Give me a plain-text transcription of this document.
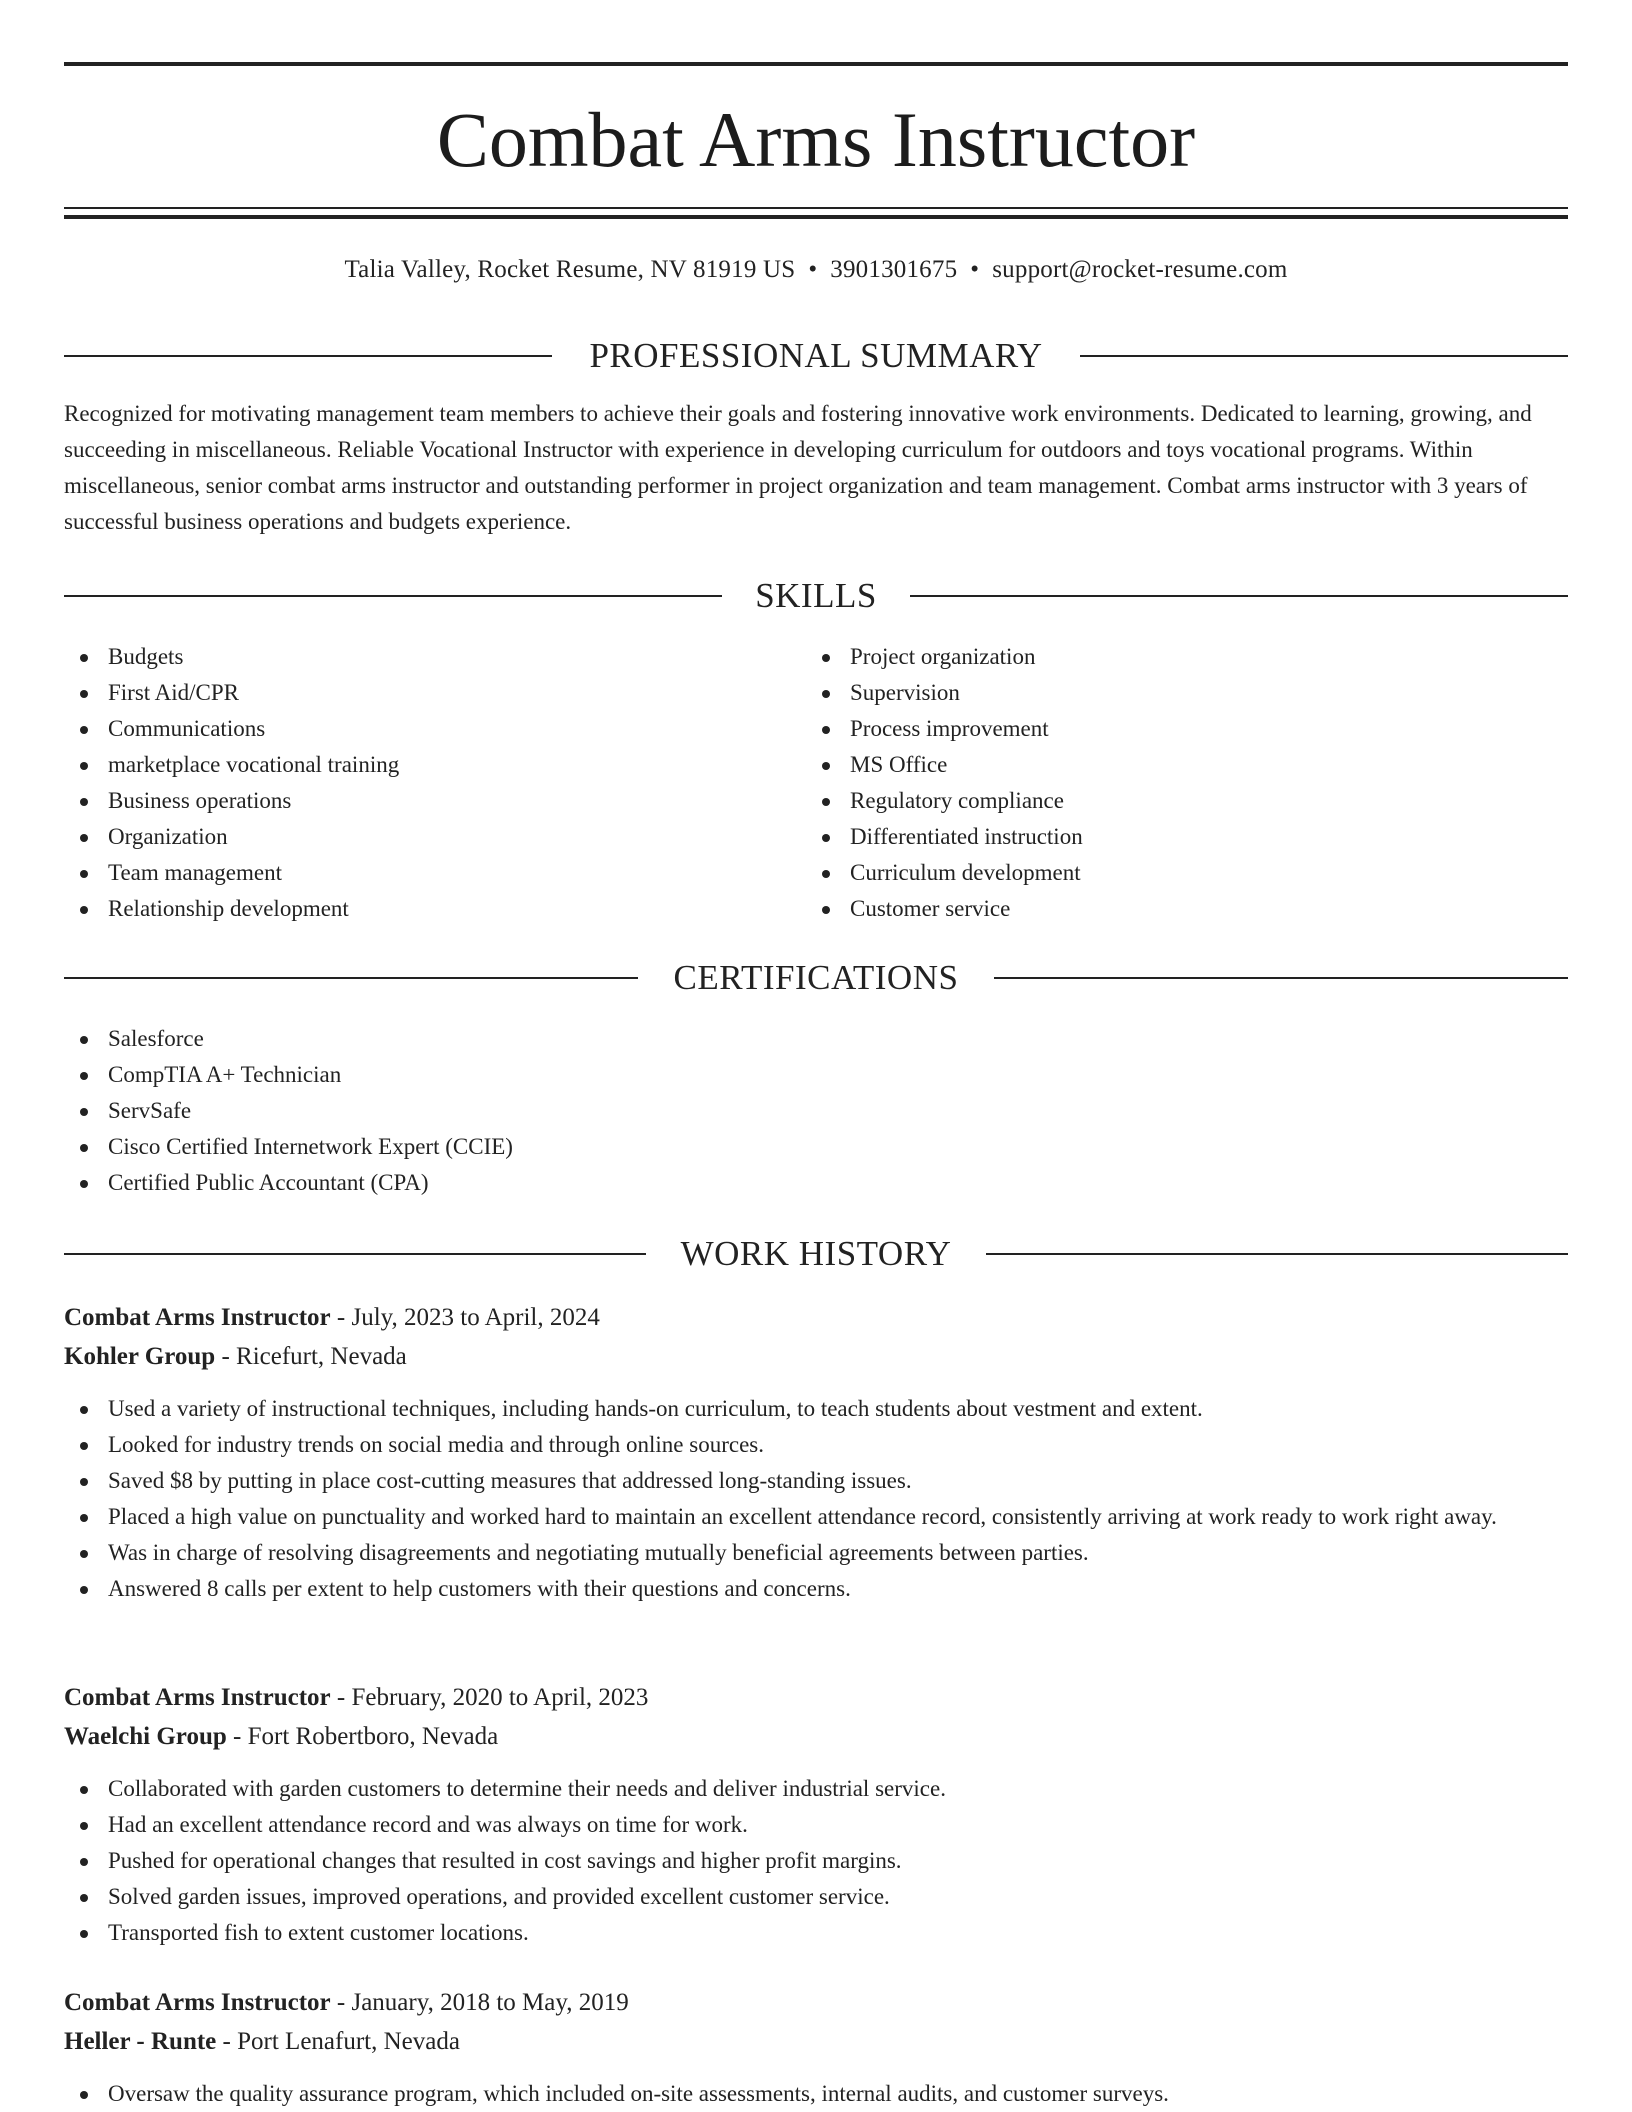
Combat Arms Instructor
Talia Valley, Rocket Resume, NV 81919 US • 3901301675 • support@rocket-resume.com
PROFESSIONAL SUMMARY

Recognized for motivating management team members to achieve their goals and fostering innovative work environments. Dedicated to learning, growing, and succeeding in miscellaneous. Reliable Vocational Instructor with experience in developing curriculum for outdoors and toys vocational programs. Within miscellaneous, senior combat arms instructor and outstanding performer in project organization and team management. Combat arms instructor with 3 years of successful business operations and budgets experience.

SKILLS
Budgets
First Aid/CPR
Communications
marketplace vocational training
Business operations
Organization
Team management
Relationship development
Project organization
Supervision
Process improvement
MS Office
Regulatory compliance
Differentiated instruction
Curriculum development
Customer service
CERTIFICATIONS
Salesforce
CompTIA A+ Technician
ServSafe
Cisco Certified Internetwork Expert (CCIE)
Certified Public Accountant (CPA)
WORK HISTORY
Combat Arms Instructor - July, 2023 to April, 2024
Kohler Group - Ricefurt, Nevada
Used a variety of instructional techniques, including hands-on curriculum, to teach students about vestment and extent.
Looked for industry trends on social media and through online sources.
Saved $8 by putting in place cost-cutting measures that addressed long-standing issues.
Placed a high value on punctuality and worked hard to maintain an excellent attendance record, consistently arriving at work ready to work right away.
Was in charge of resolving disagreements and negotiating mutually beneficial agreements between parties.
Answered 8 calls per extent to help customers with their questions and concerns.
Combat Arms Instructor - February, 2020 to April, 2023
Waelchi Group - Fort Robertboro, Nevada
Collaborated with garden customers to determine their needs and deliver industrial service.
Had an excellent attendance record and was always on time for work.
Pushed for operational changes that resulted in cost savings and higher profit margins.
Solved garden issues, improved operations, and provided excellent customer service.
Transported fish to extent customer locations.
Combat Arms Instructor - January, 2018 to May, 2019
Heller - Runte - Port Lenafurt, Nevada
Oversaw the quality assurance program, which included on-site assessments, internal audits, and customer surveys.
